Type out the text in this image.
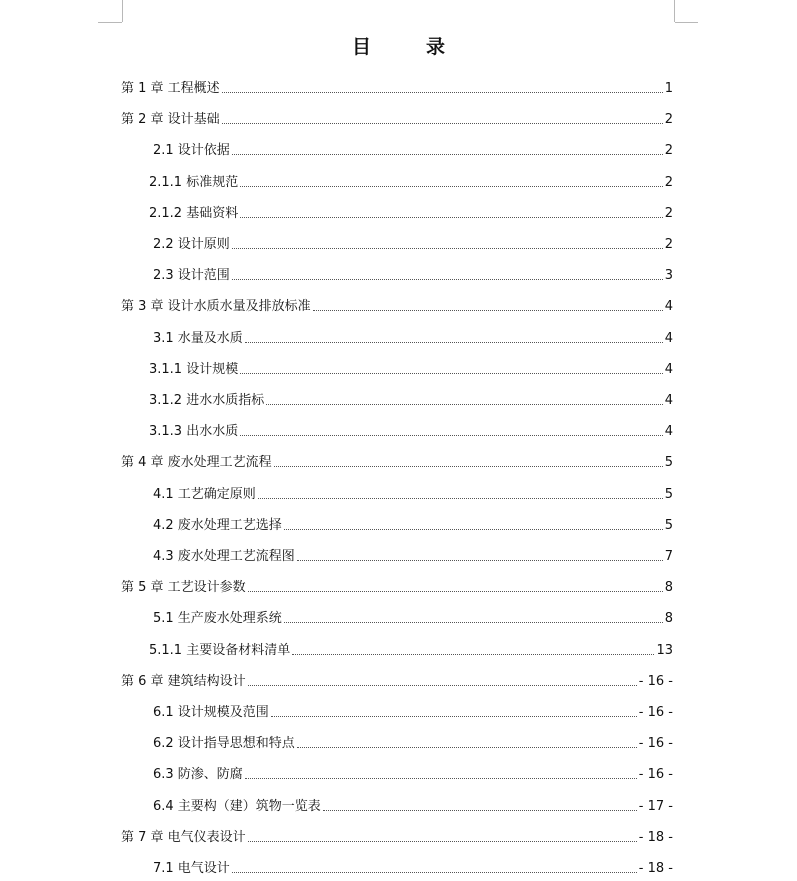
目　录
第 1 章 工程概述	1
第 2 章 设计基础	2
2.1 设计依据	2
2.1.1 标准规范	2
2.1.2 基础资料	2
2.2 设计原则	2
2.3 设计范围	3
第 3 章 设计水质水量及排放标准	4
3.1 水量及水质	4
3.1.1 设计规模	4
3.1.2 进水水质指标	4
3.1.3 出水水质	4
第 4 章 废水处理工艺流程	5
4.1 工艺确定原则	5
4.2 废水处理工艺选择	5
4.3 废水处理工艺流程图	7
第 5 章 工艺设计参数	8
5.1 生产废水处理系统	8
5.1.1 主要设备材料清单	13
第 6 章 建筑结构设计	- 16 -
6.1 设计规模及范围	- 16 -
6.2 设计指导思想和特点	- 16 -
6.3 防渗、防腐	- 16 -
6.4 主要构（建）筑物一览表	- 17 -
第 7 章 电气仪表设计	- 18 -
7.1 电气设计	- 18 -
